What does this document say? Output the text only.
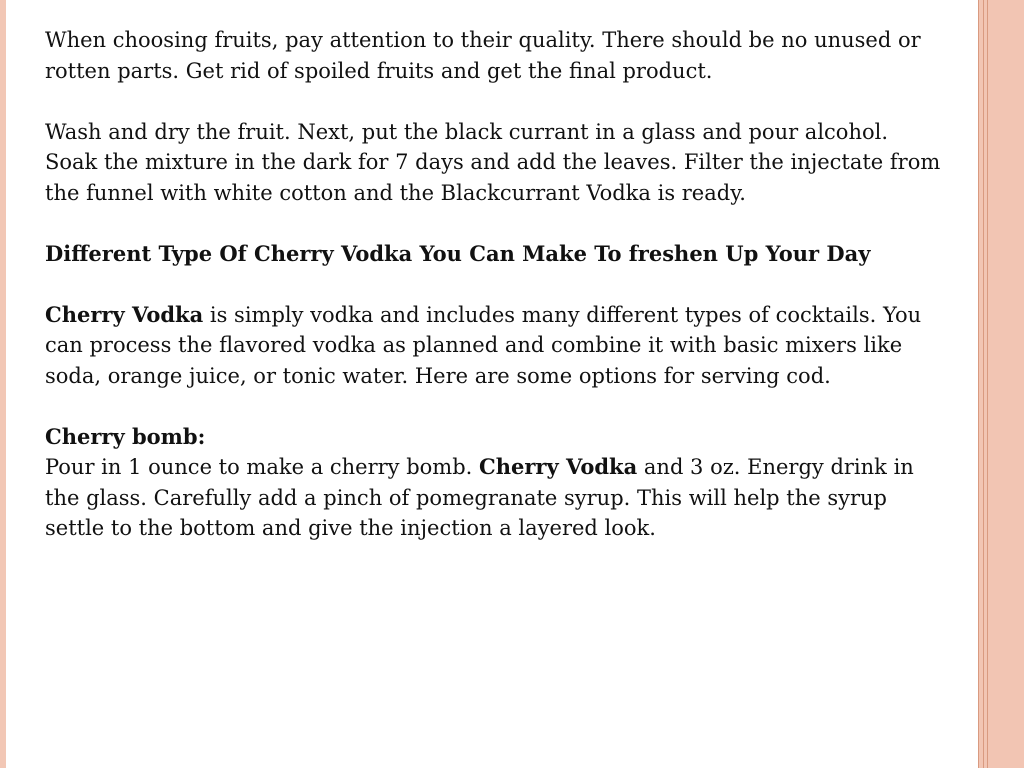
When choosing fruits, pay attention to their quality. There should be no unused or rotten parts. Get rid of spoiled fruits and get the final product.

Wash and dry the fruit. Next, put the black currant in a glass and pour alcohol. Soak the mixture in the dark for 7 days and add the leaves. Filter the injectate from the funnel with white cotton and the Blackcurrant Vodka is ready.

Different Type Of Cherry Vodka You Can Make To freshen Up Your Day

Cherry Vodka is simply vodka and includes many different types of cocktails. You can process the flavored vodka as planned and combine it with basic mixers like soda, orange juice, or tonic water. Here are some options for serving cod.

Cherry bomb:

Pour in 1 ounce to make a cherry bomb. Cherry Vodka and 3 oz. Energy drink in the glass. Carefully add a pinch of pomegranate syrup. This will help the syrup settle to the bottom and give the injection a layered look.
